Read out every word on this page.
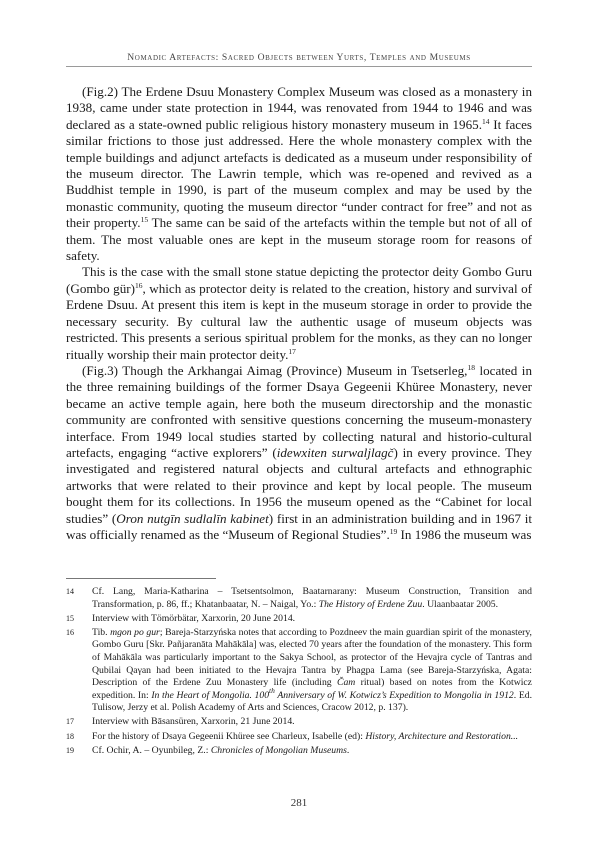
Nomadic Artefacts: Sacred Objects between Yurts, Temples and Museums

(Fig.2) The Erdene Dsuu Monastery Complex Museum was closed as a monastery in 1938, came under state protection in 1944, was renovated from 1944 to 1946 and was declared as a state-owned public religious history monastery museum in 1965.14 It faces similar frictions to those just addressed. Here the whole monastery complex with the temple buildings and adjunct artefacts is dedicated as a museum under responsibility of the museum director. The Lawrin temple, which was re-opened and revived as a Buddhist temple in 1990, is part of the museum complex and may be used by the monastic community, quoting the museum director “under contract for free” and not as their property.$^{15}$ The same can be said of the artefacts within the temple but not of all of them. The most valuable ones are kept in the museum storage room for reasons of safety.

This is the case with the small stone statue depicting the protector deity Gombo Guru (Gombo gür)$^{16}$, which as protector deity is related to the creation, history and survival of Erdene Dsuu. At present this item is kept in the museum storage in order to provide the necessary security. By cultural law the authentic usage of museum objects was restricted. This presents a serious spiritual problem for the monks, as they can no longer ritually worship their main protector deity.$^{17}$

(Fig.3) Though the Arkhangai Aimag (Province) Museum in Tsetserleg,$^{18}$ located in the three remaining buildings of the former Dsaya Gegeenii Khüree Monastery, never became an active temple again, here both the museum directorship and the monastic community are confronted with sensitive questions concerning the museum-monastery interface. From 1949 local studies started by collecting natural and historio-cultural artefacts, engaging “active explorers” (idewxiten surwaljlagč) in every province. They investigated and registered natural objects and cultural artefacts and ethnographic artworks that were related to their province and kept by local people. The museum bought them for its collections. In 1956 the museum opened as the “Cabinet for local studies” (Oron nutgīn sudlalīn kabinet) first in an administration building and in 1967 it was officially renamed as the “Museum of Regional Studies”.$^{19}$ In 1986 the museum was

14 Cf. Lang, Maria-Katharina – Tsetsentsolmon, Baatarnarany: Museum Construction, Transition and Transformation, p. 86, ff.; Khatanbaatar, N. – Naigal, Yo.: The History of Erdene Zuu. Ulaanbaatar 2005.
15 Interview with Tömörbätar, Xarxorin, 20 June 2014.
16 Tib. mgon po gur; Bareja-Starzyńska notes that according to Pozdneev the main guardian spirit of the monastery, Gombo Guru [Skr. Pañjaranāta Mahākāla] was, elected 70 years after the foundation of the monastery. This form of Mahākāla was particularly important to the Sakya School, as protector of the Hevajra cycle of Tantras and Qubilai Qaγan had been initiated to the Hevajra Tantra by Phagpa Lama (see Bareja-Starzyńska, Agata: Description of the Erdene Zuu Monastery life (including Čam ritual) based on notes from the Kotwicz expedition. In: In the Heart of Mongolia. 100th Anniversary of W. Kotwicz’s Expedition to Mongolia in 1912. Ed. Tulisow, Jerzy et al. Polish Academy of Arts and Sciences, Cracow 2012, p. 137).
17 Interview with Bāsansüren, Xarxorin, 21 June 2014.
18 For the history of Dsaya Gegeenii Khüree see Charleux, Isabelle (ed): History, Architecture and Restoration...
19 Cf. Ochir, A. – Oyunbileg, Z.: Chronicles of Mongolian Museums.
281
